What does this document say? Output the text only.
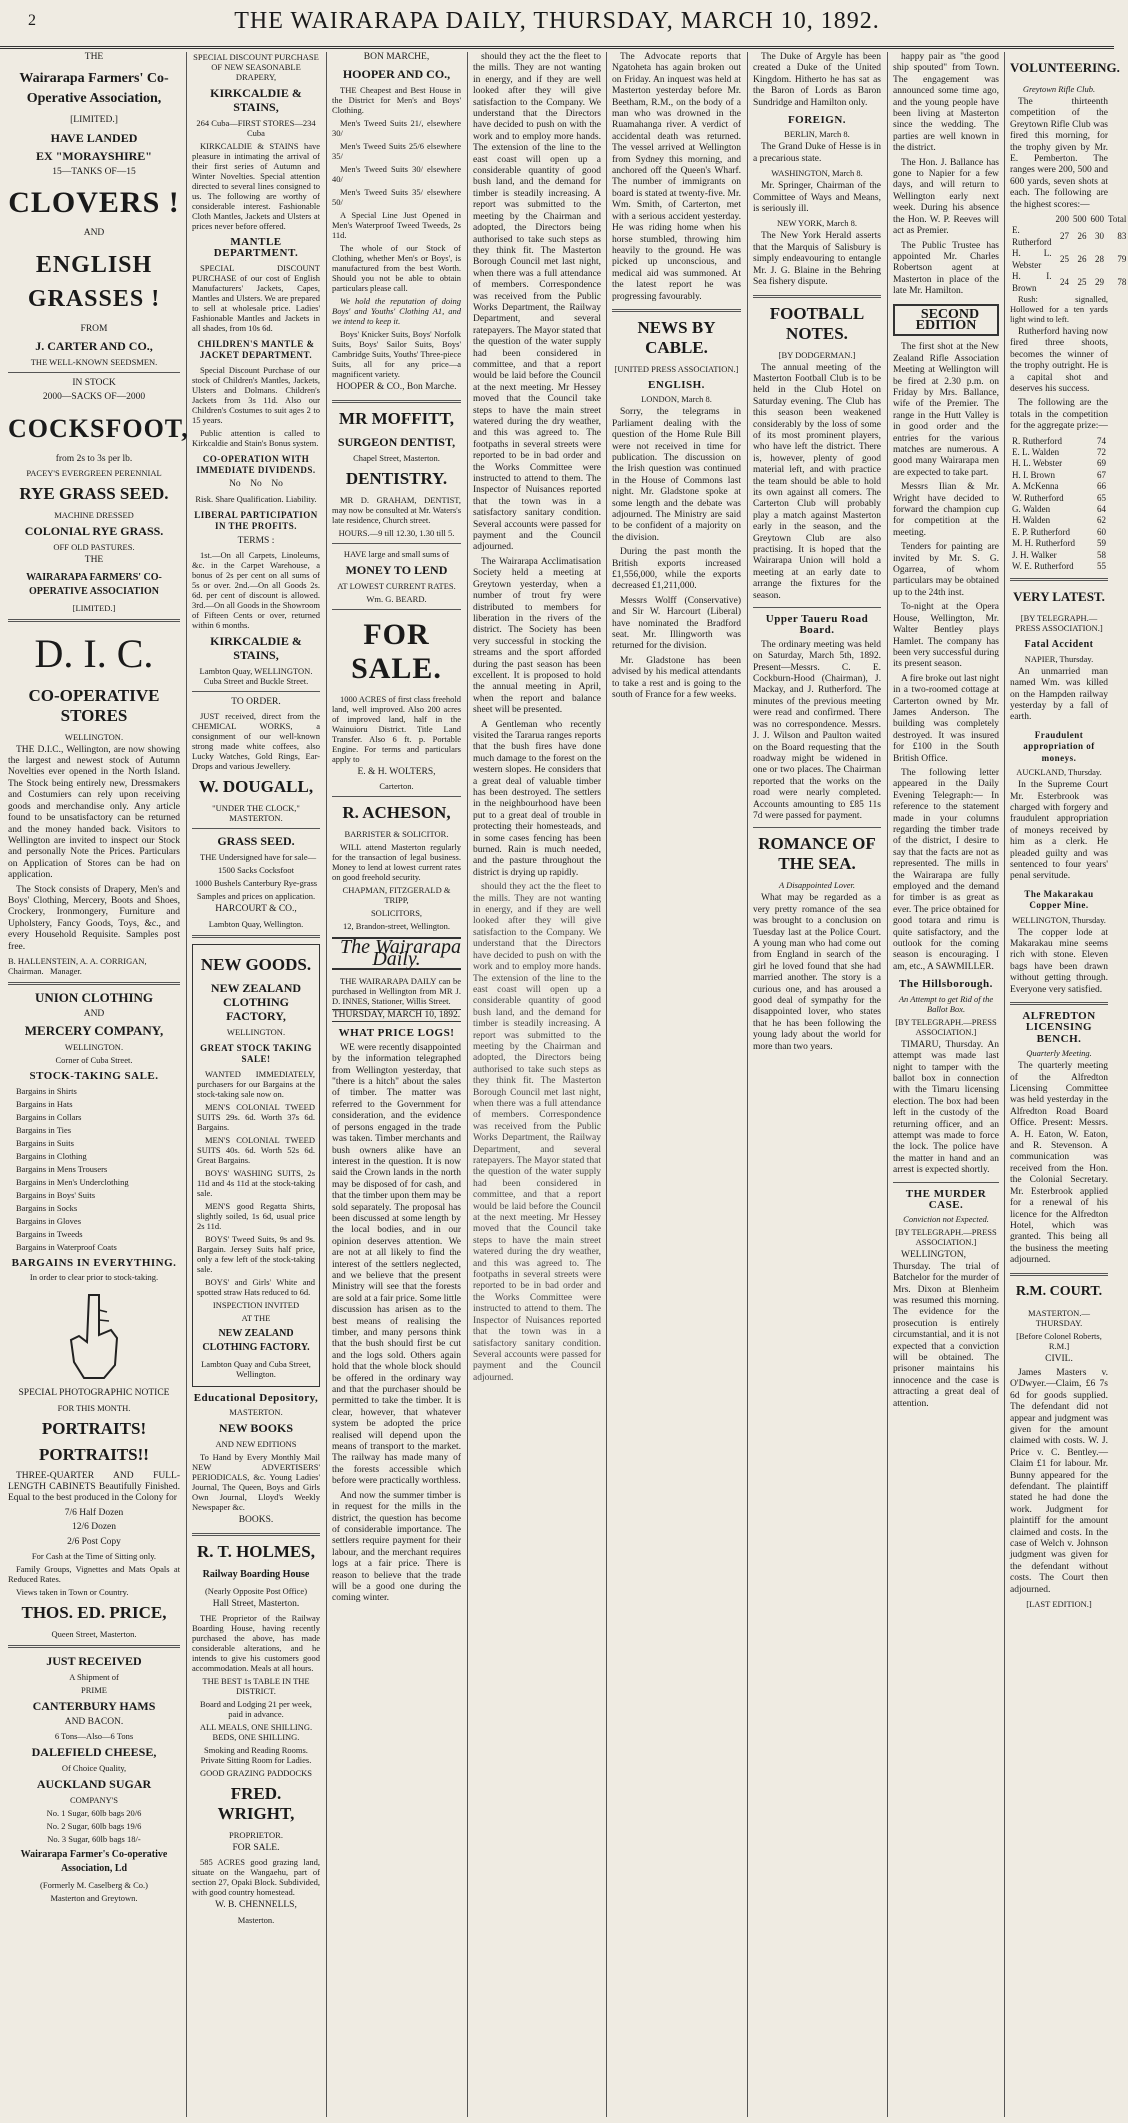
2	THE WAIRARAPA DAILY, THURSDAY, MARCH 10, 1892.

THE

Wairarapa Farmers' Co-Operative Association,

[LIMITED.]

HAVE LANDED

EX "MORAYSHIRE"

15—TANKS OF—15

CLOVERS !

AND

ENGLISH GRASSES !

FROM

J. CARTER AND CO.,

THE WELL-KNOWN SEEDSMEN.

IN STOCK

2000—SACKS OF—2000

COCKSFOOT,

from 2s to 3s per lb.

PACEY'S EVERGREEN PERENNIAL

RYE GRASS SEED.

MACHINE DRESSED

COLONIAL RYE GRASS.

OFF OLD PASTURES.

THE

WAIRARAPA FARMERS' CO-OPERATIVE ASSOCIATION

[LIMITED.]

D. I. C.

CO-OPERATIVE STORES

WELLINGTON.

THE D.I.C., Wellington, are now showing the largest and newest stock of Autumn Novelties ever opened in the North Island. The Stock being entirely new, Dressmakers and Costumiers can rely upon receiving goods and merchandise only. Any article found to be unsatisfactory can be returned and the money handed back. Visitors to Wellington are invited to inspect our Stock and personally Note the Prices. Particulars on Application of Stores can be had on application.

The Stock consists of Drapery, Men's and Boys' Clothing, Mercery, Boots and Shoes, Crockery, Ironmongery, Furniture and Upholstery, Fancy Goods, Toys, &c., and every Household Requisite. Samples post free.

B. HALLENSTEIN, A. A. CORRIGAN,
Chairman. Manager.

UNION CLOTHING

AND

MERCERY COMPANY,

WELLINGTON.

Corner of Cuba Street.

STOCK-TAKING SALE.

Bargains in Shirts

Bargains in Hats

Bargains in Collars

Bargains in Ties

Bargains in Suits

Bargains in Clothing

Bargains in Mens Trousers

Bargains in Men's Underclothing

Bargains in Boys' Suits

Bargains in Socks

Bargains in Gloves

Bargains in Tweeds

Bargains in Waterproof Coats

BARGAINS IN EVERYTHING.

In order to clear prior to stock-taking.

SPECIAL PHOTOGRAPHIC NOTICE

FOR THIS MONTH.

PORTRAITS!

PORTRAITS!!

THREE-QUARTER AND FULL-LENGTH CABINETS Beautifully Finished. Equal to the best produced in the Colony for

7/6 Half Dozen

12/6 Dozen

2/6 Post Copy

For Cash at the Time of Sitting only.

Family Groups, Vignettes and Mats Opals at Reduced Rates.

Views taken in Town or Country.

THOS. ED. PRICE,

Queen Street, Masterton.

JUST RECEIVED

A Shipment of

PRIME

CANTERBURY HAMS

AND BACON.

6 Tons—Also—6 Tons

DALEFIELD CHEESE,

Of Choice Quality,

AUCKLAND SUGAR

COMPANY'S

No. 1 Sugar, 60lb bags 20/6

No. 2 Sugar, 60lb bags 19/6

No. 3 Sugar, 60lb bags 18/-

Wairarapa Farmer's Co-operative Association, Ld

(Formerly M. Caselberg & Co.)

Masterton and Greytown.

SPECIAL DISCOUNT PURCHASE OF NEW SEASONABLE DRAPERY,

KIRKCALDIE & STAINS,

264 Cuba—FIRST STORES—234 Cuba

KIRKCALDIE & STAINS have pleasure in intimating the arrival of their first series of Autumn and Winter Novelties. Special attention directed to several lines consigned to us. The following are worthy of considerable interest. Fashionable Cloth Mantles, Jackets and Ulsters at prices never before offered.

MANTLE DEPARTMENT.

SPECIAL DISCOUNT PURCHASE of our cost of English Manufacturers' Jackets, Capes, Mantles and Ulsters. We are prepared to sell at wholesale price. Ladies' Fashionable Mantles and Jackets in all shades, from 10s 6d.

CHILDREN'S MANTLE & JACKET DEPARTMENT.

Special Discount Purchase of our stock of Children's Mantles, Jackets, Ulsters and Dolmans. Children's Jackets from 3s 11d. Also our Children's Costumes to suit ages 2 to 15 years.

Public attention is called to Kirkcaldie and Stain's Bonus system.

CO-OPERATION WITH IMMEDIATE DIVIDENDS.

No No No

Risk. Share Qualification. Liability.

LIBERAL PARTICIPATION IN THE PROFITS.

TERMS :

1st.—On all Carpets, Linoleums, &c. in the Carpet Warehouse, a bonus of 2s per cent on all sums of 5s or over. 2nd.—On all Goods 2s. 6d. per cent of discount is allowed. 3rd.—On all Goods in the Showroom of Fifteen Cents or over, returned within 6 months.

KIRKCALDIE & STAINS,

Lambton Quay, WELLINGTON. Cuba Street and Buckle Street.

TO ORDER.

JUST received, direct from the CHEMICAL WORKS, a consignment of our well-known strong made white coffees, also Lucky Watches, Gold Rings, Ear-Drops and various Jewellery.

W. DOUGALL,

"UNDER THE CLOCK," MASTERTON.

GRASS SEED.

THE Undersigned have for sale—

1500 Sacks Cocksfoot

1000 Bushels Canterbury Rye-grass

Samples and prices on application.

HARCOURT & CO.,

Lambton Quay, Wellington.

NEW GOODS.

NEW ZEALAND CLOTHING FACTORY,

WELLINGTON.

GREAT STOCK TAKING SALE!

WANTED IMMEDIATELY, purchasers for our Bargains at the stock-taking sale now on.

MEN'S COLONIAL TWEED SUITS 29s. 6d. Worth 37s 6d. Bargains.

MEN'S COLONIAL TWEED SUITS 40s. 6d. Worth 52s 6d. Great Bargains.

BOYS' WASHING SUITS, 2s 11d and 4s 11d at the stock-taking sale.

MEN'S good Regatta Shirts, slightly soiled, 1s 6d, usual price 2s 11d.

BOYS' Tweed Suits, 9s and 9s. Bargain. Jersey Suits half price, only a few left of the stock-taking sale.

BOYS' and Girls' White and spotted straw Hats reduced to 6d.

INSPECTION INVITED

AT THE

NEW ZEALAND CLOTHING FACTORY.

Lambton Quay and Cuba Street, Wellington.

Educational Depository,

MASTERTON.

NEW BOOKS

AND NEW EDITIONS

To Hand by Every Monthly Mail NEW ADVERTISERS' PERIODICALS, &c. Young Ladies' Journal, The Queen, Boys and Girls Own Journal, Lloyd's Weekly Newspaper &c.

BOOKS.

R. T. HOLMES,

Railway Boarding House

(Nearly Opposite Post Office)

Hall Street, Masterton.

THE Proprietor of the Railway Boarding House, having recently purchased the above, has made considerable alterations, and he intends to give his customers good accommodation. Meals at all hours.

THE BEST 1s TABLE IN THE DISTRICT.

Board and Lodging 21 per week, paid in advance.

ALL MEALS, ONE SHILLING. BEDS, ONE SHILLING.

Smoking and Reading Rooms. Private Sitting Room for Ladies.

GOOD GRAZING PADDOCKS

FRED. WRIGHT,

PROPRIETOR.

FOR SALE.

585 ACRES good grazing land, situate on the Wangaehu, part of section 27, Opaki Block. Subdivided, with good country homestead.

W. B. CHENNELLS,

Masterton.

BON MARCHE,

HOOPER AND CO.,

THE Cheapest and Best House in the District for Men's and Boys' Clothing.

Men's Tweed Suits 21/, elsewhere 30/

Men's Tweed Suits 25/6 elsewhere 35/

Men's Tweed Suits 30/ elsewhere 40/

Men's Tweed Suits 35/ elsewhere 50/

A Special Line Just Opened in Men's Waterproof Tweed Tweeds, 2s 11d.

The whole of our Stock of Clothing, whether Men's or Boys', is manufactured from the best Worth. Should you not be able to obtain particulars please call.

We hold the reputation of doing Boys' and Youths' Clothing A1, and we intend to keep it.

Boys' Knicker Suits, Boys' Norfolk Suits, Boys' Sailor Suits, Boys' Cambridge Suits, Youths' Three-piece Suits, all for any price—a magnificent variety.

HOOPER & CO., Bon Marche.

MR MOFFITT,

SURGEON DENTIST,

Chapel Street, Masterton.

DENTISTRY.

MR D. GRAHAM, DENTIST, may now be consulted at Mr. Waters's late residence, Church street.

HOURS.—9 till 12.30, 1.30 till 5.

HAVE large and small sums of

MONEY TO LEND

AT LOWEST CURRENT RATES.

Wm. G. BEARD.

FOR SALE.

1000 ACRES of first class freehold land, well improved. Also 200 acres of improved land, half in the Wainuioru District. Title Land Transfer. Also 6 ft. p. Portable Engine. For terms and particulars apply to

E. & H. WOLTERS,

Carterton.

R. ACHESON,

BARRISTER & SOLICITOR.

WILL attend Masterton regularly for the transaction of legal business. Money to lend at lowest current rates on good freehold security.

CHAPMAN, FITZGERALD & TRIPP,

SOLICITORS,

12, Brandon-street, Wellington.

The Wairarapa Daily.

THE WAIRARAPA DAILY can be purchased in Wellington from MR J. D. INNES, Stationer, Willis Street.

THURSDAY, MARCH 10, 1892.

WHAT PRICE LOGS!

WE were recently disappointed by the information telegraphed from Wellington yesterday, that "there is a hitch" about the sales of timber. The matter was referred to the Government for consideration, and the evidence of persons engaged in the trade was taken. Timber merchants and bush owners alike have an interest in the question. It is now said the Crown lands in the north may be disposed of for cash, and that the timber upon them may be sold separately. The proposal has been discussed at some length by the local bodies, and in our opinion deserves attention. We are not at all likely to find the interest of the settlers neglected, and we believe that the present Ministry will see that the forests are sold at a fair price. Some little discussion has arisen as to the best means of realising the timber, and many persons think that the bush should first be cut and the logs sold. Others again hold that the whole block should be offered in the ordinary way and that the purchaser should be permitted to take the timber. It is clear, however, that whatever system be adopted the price realised will depend upon the means of transport to the market. The railway has made many of the forests accessible which before were practically worthless.

And now the summer timber is in request for the mills in the district, the question has become of considerable importance. The settlers require payment for their labour, and the merchant requires logs at a fair price. There is reason to believe that the trade will be a good one during the coming winter.

should they act the the fleet to the mills. They are not wanting in energy, and if they are well looked after they will give satisfaction to the Company. We understand that the Directors have decided to push on with the work and to employ more hands. The extension of the line to the east coast will open up a considerable quantity of good bush land, and the demand for timber is steadily increasing. A report was submitted to the meeting by the Chairman and adopted, the Directors being authorised to take such steps as they think fit. The Masterton Borough Council met last night, when there was a full attendance of members. Correspondence was received from the Public Works Department, the Railway Department, and several ratepayers. The Mayor stated that the question of the water supply had been considered in committee, and that a report would be laid before the Council at the next meeting. Mr Hessey moved that the Council take steps to have the main street watered during the dry weather, and this was agreed to. The footpaths in several streets were reported to be in bad order and the Works Committee were instructed to attend to them. The Inspector of Nuisances reported that the town was in a satisfactory sanitary condition. Several accounts were passed for payment and the Council adjourned.

The Wairarapa Acclimatisation Society held a meeting at Greytown yesterday, when a number of trout fry were distributed to members for liberation in the rivers of the district. The Society has been very successful in stocking the streams and the sport afforded during the past season has been excellent. It is proposed to hold the annual meeting in April, when the report and balance sheet will be presented.

A Gentleman who recently visited the Tararua ranges reports that the bush fires have done much damage to the forest on the western slopes. He considers that a great deal of valuable timber has been destroyed. The settlers in the neighbourhood have been put to a great deal of trouble in protecting their homesteads, and in some cases fencing has been burned. Rain is much needed, and the pasture throughout the district is drying up rapidly.

should they act the the fleet to the mills. They are not wanting in energy, and if they are well looked after they will give satisfaction to the Company. We understand that the Directors have decided to push on with the work and to employ more hands. The extension of the line to the east coast will open up a considerable quantity of good bush land, and the demand for timber is steadily increasing. A report was submitted to the meeting by the Chairman and adopted, the Directors being authorised to take such steps as they think fit. The Masterton Borough Council met last night, when there was a full attendance of members. Correspondence was received from the Public Works Department, the Railway Department, and several ratepayers. The Mayor stated that the question of the water supply had been considered in committee, and that a report would be laid before the Council at the next meeting. Mr Hessey moved that the Council take steps to have the main street watered during the dry weather, and this was agreed to. The footpaths in several streets were reported to be in bad order and the Works Committee were instructed to attend to them. The Inspector of Nuisances reported that the town was in a satisfactory sanitary condition. Several accounts were passed for payment and the Council adjourned.

The Advocate reports that Ngatoheta has again broken out on Friday. An inquest was held at Masterton yesterday before Mr. Beetham, R.M., on the body of a man who was drowned in the Ruamahanga river. A verdict of accidental death was returned. The vessel arrived at Wellington from Sydney this morning, and anchored off the Queen's Wharf. The number of immigrants on board is stated at twenty-five. Mr. Wm. Smith, of Carterton, met with a serious accident yesterday. He was riding home when his horse stumbled, throwing him heavily to the ground. He was picked up unconscious, and medical aid was summoned. At the latest report he was progressing favourably.

NEWS BY CABLE.

[UNITED PRESS ASSOCIATION.]

ENGLISH.

LONDON, March 8.

Sorry, the telegrams in Parliament dealing with the question of the Home Rule Bill were not received in time for publication. The discussion on the Irish question was continued in the House of Commons last night. Mr. Gladstone spoke at some length and the debate was adjourned. The Ministry are said to be confident of a majority on the division.

During the past month the British exports increased £1,556,000, while the exports decreased £1,211,000.

Messrs Wolff (Conservative) and Sir W. Harcourt (Liberal) have nominated the Bradford seat. Mr. Illingworth was returned for the division.

Mr. Gladstone has been advised by his medical attendants to take a rest and is going to the south of France for a few weeks.

The Duke of Argyle has been created a Duke of the United Kingdom. Hitherto he has sat as the Baron of Lords as Baron Sundridge and Hamilton only.

FOREIGN.

BERLIN, March 8.

The Grand Duke of Hesse is in a precarious state.

WASHINGTON, March 8.

Mr. Springer, Chairman of the Committee of Ways and Means, is seriously ill.

NEW YORK, March 8.

The New York Herald asserts that the Marquis of Salisbury is simply endeavouring to entangle Mr. J. G. Blaine in the Behring Sea fishery dispute.

FOOTBALL NOTES.

[BY DODGERMAN.]

The annual meeting of the Masterton Football Club is to be held in the Club Hotel on Saturday evening. The Club has this season been weakened considerably by the loss of some of its most prominent players, who have left the district. There is, however, plenty of good material left, and with practice the team should be able to hold its own against all comers. The Carterton Club will probably play a match against Masterton early in the season, and the Greytown Club are also practising. It is hoped that the Wairarapa Union will hold a meeting at an early date to arrange the fixtures for the season.

Upper Taueru Road Board.

The ordinary meeting was held on Saturday, March 5th, 1892. Present—Messrs. C. E. Cockburn-Hood (Chairman), J. Mackay, and J. Rutherford. The minutes of the previous meeting were read and confirmed. There was no correspondence. Messrs. J. J. Wilson and Paulton waited on the Board requesting that the roadway might be widened in one or two places. The Chairman reported that the works on the road were nearly completed. Accounts amounting to £85 11s 7d were passed for payment.

ROMANCE OF THE SEA.

A Disappointed Lover.

What may be regarded as a very pretty romance of the sea was brought to a conclusion on Tuesday last at the Police Court. A young man who had come out from England in search of the girl he loved found that she had married another. The story is a curious one, and has aroused a good deal of sympathy for the disappointed lover, who states that he has been following the young lady about the world for more than two years.

happy pair as "the good ship spouted" from Town. The engagement was announced some time ago, and the young people have been living at Masterton since the wedding. The parties are well known in the district.

The Hon. J. Ballance has gone to Napier for a few days, and will return to Wellington early next week. During his absence the Hon. W. P. Reeves will act as Premier.

The Public Trustee has appointed Mr. Charles Robertson agent at Masterton in place of the late Mr. Hamilton.

SECOND EDITION

The first shot at the New Zealand Rifle Association Meeting at Wellington will be fired at 2.30 p.m. on Friday by Mrs. Ballance, wife of the Premier. The range in the Hutt Valley is in good order and the entries for the various matches are numerous. A good many Wairarapa men are expected to take part.

Messrs Ilian & Mr. Wright have decided to forward the champion cup for competition at the meeting.

Tenders for painting are invited by Mr. S. G. Ogarrea, of whom particulars may be obtained up to the 24th inst.

To-night at the Opera House, Wellington, Mr. Walter Bentley plays Hamlet. The company has been very successful during its present season.

A fire broke out last night in a two-roomed cottage at Carterton owned by Mr. James Anderson. The building was completely destroyed. It was insured for £100 in the South British Office.

The following letter appeared in the Daily Evening Telegraph:— In reference to the statement made in your columns regarding the timber trade of the district, I desire to say that the facts are not as represented. The mills in the Wairarapa are fully employed and the demand for timber is as great as ever. The price obtained for good totara and rimu is quite satisfactory, and the outlook for the coming season is encouraging. I am, etc., A SAWMILLER.

The Hillsborough.

An Attempt to get Rid of the Ballot Box.

[BY TELEGRAPH.—PRESS ASSOCIATION.]

TIMARU, Thursday. An attempt was made last night to tamper with the ballot box in connection with the Timaru licensing election. The box had been left in the custody of the returning officer, and an attempt was made to force the lock. The police have the matter in hand and an arrest is expected shortly.

THE MURDER CASE.

Conviction not Expected.

[BY TELEGRAPH.—PRESS ASSOCIATION.]

WELLINGTON, Thursday. The trial of Batchelor for the murder of Mrs. Dixon at Blenheim was resumed this morning. The evidence for the prosecution is entirely circumstantial, and it is not expected that a conviction will be obtained. The prisoner maintains his innocence and the case is attracting a great deal of attention.

VOLUNTEERING.

Greytown Rifle Club.

The thirteenth competition of the Greytown Rifle Club was fired this morning, for the trophy given by Mr. E. Pemberton. The ranges were 200, 500 and 600 yards, seven shots at each. The following are the highest scores:—

	200	500	600	Total
E. Rutherford	27	26	30	83
H. L. Webster	25	26	28	79
H. I. Brown	24	25	29	78

Rush: signalled, Hollowed for a ten yards light wind to left.

Rutherford having now fired three shoots, becomes the winner of the trophy outright. He is a capital shot and deserves his success.

The following are the totals in the competition for the aggregate prize:—

R. Rutherford	74
E. L. Walden	72
H. L. Webster	69
H. I. Brown	67
A. McKenna	66
W. Rutherford	65
G. Walden	64
H. Walden	62
E. P. Rutherford	60
M. H. Rutherford	59
J. H. Walker	58
W. E. Rutherford	55

VERY LATEST.

[BY TELEGRAPH.—PRESS ASSOCIATION.]

Fatal Accident

NAPIER, Thursday.

An unmarried man named Wm. was killed on the Hampden railway yesterday by a fall of earth.

Fraudulent appropriation of moneys.

AUCKLAND, Thursday.

In the Supreme Court Mr. Esterbrook was charged with forgery and fraudulent appropriation of moneys received by him as a clerk. He pleaded guilty and was sentenced to four years' penal servitude.

The Makarakau Copper Mine.

WELLINGTON, Thursday.

The copper lode at Makarakau mine seems rich with stone. Eleven bags have been drawn without getting through. Everyone very satisfied.

ALFREDTON LICENSING BENCH.

Quarterly Meeting.

The quarterly meeting of the Alfredton Licensing Committee was held yesterday in the Alfredton Road Board Office. Present: Messrs. A. H. Eaton, W. Eaton, and R. Stevenson. A communication was received from the Hon. the Colonial Secretary. Mr. Esterbrook applied for a renewal of his licence for the Alfredton Hotel, which was granted. This being all the business the meeting adjourned.

R.M. COURT.

MASTERTON.—THURSDAY.

[Before Colonel Roberts, R.M.]

CIVIL.

James Masters v. O'Dwyer.—Claim, £6 7s 6d for goods supplied. The defendant did not appear and judgment was given for the amount claimed with costs. W. J. Price v. C. Bentley.—Claim £1 for labour. Mr. Bunny appeared for the defendant. The plaintiff stated he had done the work. Judgment for plaintiff for the amount claimed and costs. In the case of Welch v. Johnson judgment was given for the defendant without costs. The Court then adjourned.

[LAST EDITION.]
